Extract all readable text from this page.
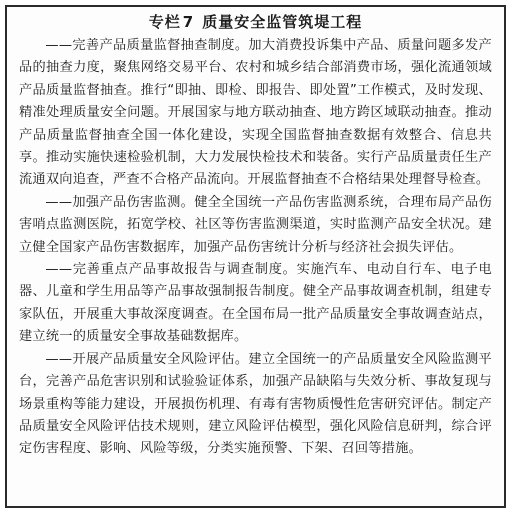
专栏 7 质量安全监管筑堤工程

——完善产品质量监督抽查制度。加大消费投诉集中产品、质量问题多发产品的抽查力度，聚焦网络交易平台、农村和城乡结合部消费市场，强化流通领域产品质量监督抽查。推行“即抽、即检、即报告、即处置”工作模式，及时发现、精准处理质量安全问题。开展国家与地方联动抽查、地方跨区域联动抽查。推动产品质量监督抽查全国一体化建设，实现全国监督抽查数据有效整合、信息共享。推动实施快速检验机制，大力发展快检技术和装备。实行产品质量责任生产流通双向追查，严查不合格产品流向。开展监督抽查不合格结果处理督导检查。

——加强产品伤害监测。健全全国统一产品伤害监测系统，合理布局产品伤害哨点监测医院，拓宽学校、社区等伤害监测渠道，实时监测产品安全状况。建立健全国家产品伤害数据库，加强产品伤害统计分析与经济社会损失评估。

——完善重点产品事故报告与调查制度。实施汽车、电动自行车、电子电器、儿童和学生用品等产品事故强制报告制度。健全产品事故调查机制，组建专家队伍，开展重大事故深度调查。在全国布局一批产品质量安全事故调查站点，建立统一的质量安全事故基础数据库。

——开展产品质量安全风险评估。建立全国统一的产品质量安全风险监测平台，完善产品危害识别和试验验证体系，加强产品缺陷与失效分析、事故复现与场景重构等能力建设，开展损伤机理、有毒有害物质慢性危害研究评估。制定产品质量安全风险评估技术规则，建立风险评估模型，强化风险信息研判，综合评定伤害程度、影响、风险等级，分类实施预警、下架、召回等措施。
